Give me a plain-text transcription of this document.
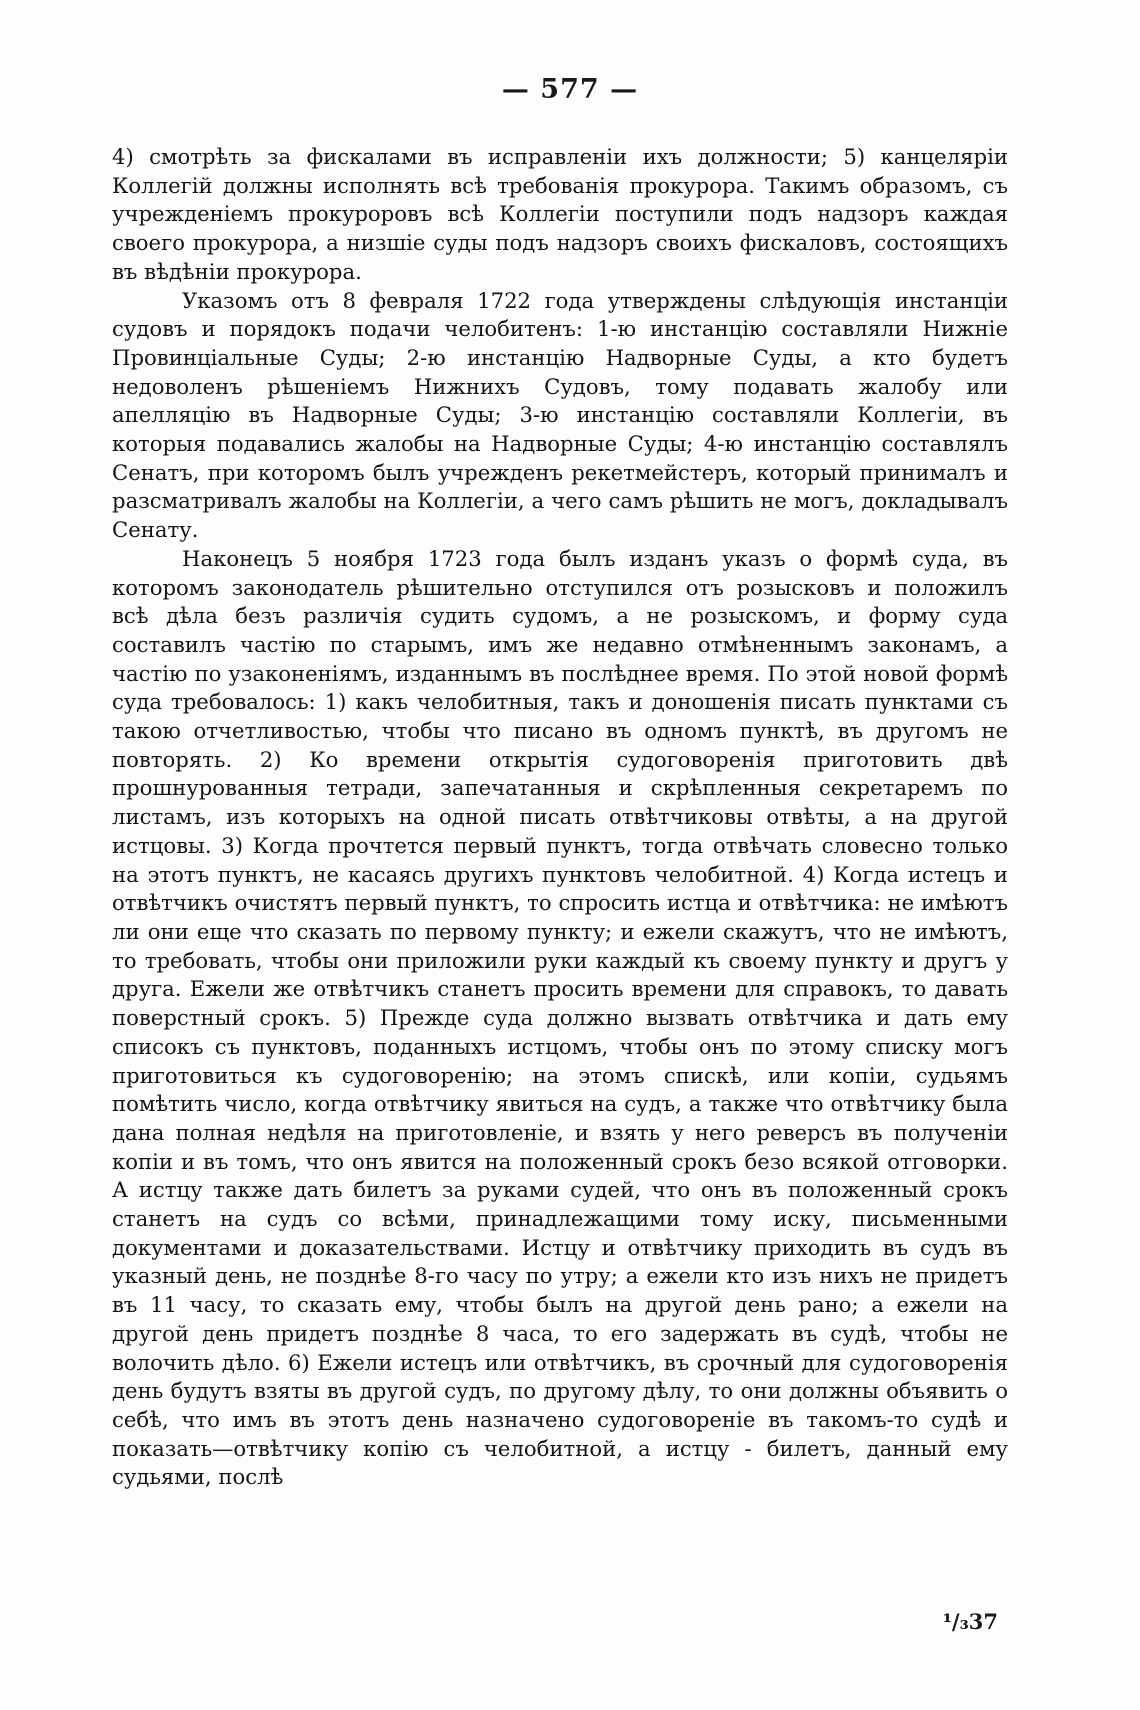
— 577 —

4) смотрѣть за фискалами въ исправленіи ихъ должности; 5) канцеляріи Коллегій должны исполнять всѣ требованія прокурора. Такимъ образомъ, съ учрежденіемъ прокуроровъ всѣ Коллегіи поступили подъ надзоръ каждая своего прокурора, а низшіе суды подъ надзоръ своихъ фискаловъ, состоящихъ въ вѣдѣніи прокурора.

Указомъ отъ 8 февраля 1722 года утверждены слѣдующія инстанціи судовъ и порядокъ подачи челобитенъ: 1-ю инстанцію составляли Нижніе Провинціальные Суды; 2-ю инстанцію Надворные Суды, а кто будетъ недоволенъ рѣшеніемъ Нижнихъ Судовъ, тому подавать жалобу или апелляцію въ Надворные Суды; 3-ю инстанцію составляли Коллегіи, въ которыя подавались жалобы на Надворные Суды; 4-ю инстанцію составлялъ Сенатъ, при которомъ былъ учрежденъ рекетмейстеръ, который принималъ и разсматривалъ жалобы на Коллегіи, а чего самъ рѣшить не могъ, докладывалъ Сенату.

Наконецъ 5 ноября 1723 года былъ изданъ указъ о формѣ суда, въ которомъ законодатель рѣшительно отступился отъ розысковъ и положилъ всѣ дѣла безъ различія судить судомъ, а не розыскомъ, и форму суда составилъ частію по старымъ, имъ же недавно отмѣненнымъ законамъ, а частію по узаконеніямъ, изданнымъ въ послѣднее время. По этой новой формѣ суда требовалось: 1) какъ челобитныя, такъ и доношенія писать пунктами съ такою отчетливостью, чтобы что писано въ одномъ пунктѣ, въ другомъ не повторять. 2) Ко времени открытія судоговоренія приготовить двѣ прошнурованныя тетради, запечатанныя и скрѣпленныя секретаремъ по листамъ, изъ которыхъ на одной писать отвѣтчиковы отвѣты, а на другой истцовы. 3) Когда прочтется первый пунктъ, тогда отвѣчать словесно только на этотъ пунктъ, не касаясь другихъ пунктовъ челобитной. 4) Когда истецъ и отвѣтчикъ очистятъ первый пунктъ, то спросить истца и отвѣтчика: не имѣютъ ли они еще что сказать по первому пункту; и ежели скажутъ, что не имѣютъ, то требовать, чтобы они приложили руки каждый къ своему пункту и другъ у друга. Ежели же отвѣтчикъ станетъ просить времени для справокъ, то давать поверстный срокъ. 5) Прежде суда должно вызвать отвѣтчика и дать ему списокъ съ пунктовъ, поданныхъ истцомъ, чтобы онъ по этому списку могъ приготовиться къ судоговоренію; на этомъ спискѣ, или копіи, судьямъ помѣтить число, когда отвѣтчику явиться на судъ, а также что отвѣтчику была дана полная недѣля на приготовленіе, и взять у него реверсъ въ полученіи копіи и въ томъ, что онъ явится на положенный срокъ безо всякой отговорки. А истцу также дать билетъ за руками судей, что онъ въ положенный срокъ станетъ на судъ со всѣми, принадлежащими тому иску, письменными документами и доказательствами. Истцу и отвѣтчику приходить въ судъ въ указный день, не позднѣе 8-го часу по утру; а ежели кто изъ нихъ не придетъ въ 11 часу, то сказать ему, чтобы былъ на другой день рано; а ежели на другой день придетъ позднѣе 8 часа, то его задержать въ судѣ, чтобы не волочить дѣло. 6) Ежели истецъ или отвѣтчикъ, въ срочный для судоговоренія день будутъ взяты въ другой судъ, по другому дѣлу, то они должны объявить о себѣ, что имъ въ этотъ день назначено судоговореніе въ такомъ-то судѣ и показать—отвѣтчику копію съ челобитной, а истцу - билетъ, данный ему судьями, послѣ

¹/₃37
